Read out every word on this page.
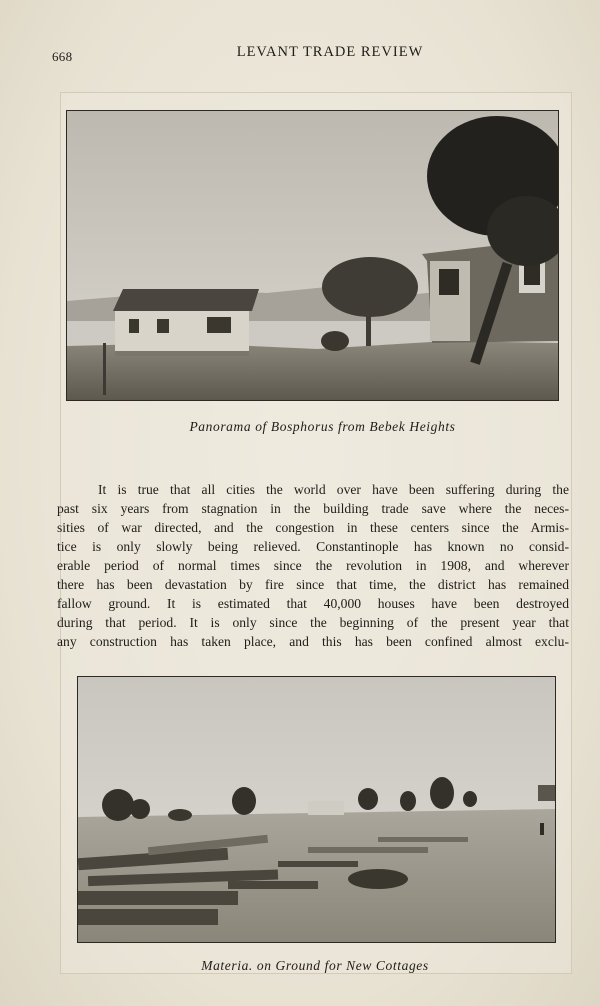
668	LEVANT TRADE REVIEW
Panorama of Bosphorus from Bebek Heights
It is true that all cities the world over have been suffering during the
past six years from stagnation in the building trade save where the neces-
sities of war directed, and the congestion in these centers since the Armis-
tice is only slowly being relieved. Constantinople has known no consid-
erable period of normal times since the revolution in 1908, and wherever
there has been devastation by fire since that time, the district has remained
fallow ground. It is estimated that 40,000 houses have been destroyed
during that period. It is only since the beginning of the present year that
any construction has taken place, and this has been confined almost exclu-
Materia. on Ground for New Cottages
